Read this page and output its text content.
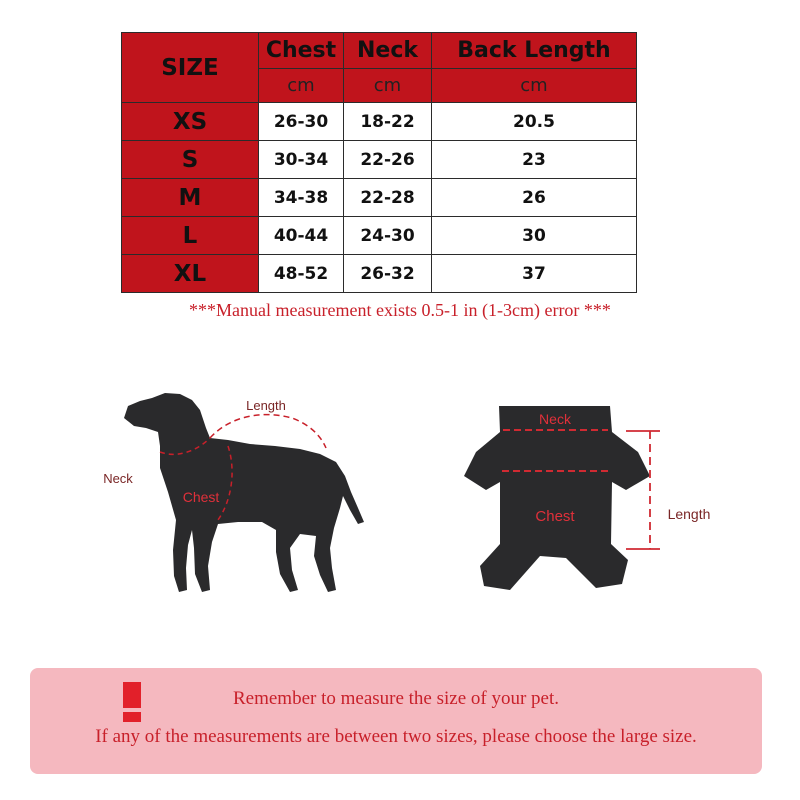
SIZE	Chest	Neck	Back Length
	cm	cm	cm
XS	26-30	18-22	20.5
S	30-34	22-26	23
M	34-38	22-28	26
L	40-44	24-30	30
XL	48-52	26-32	37
***Manual measurement exists 0.5-1 in (1-3cm) error ***
Length
Neck
Chest
Neck
Chest	Length
Remember to measure the size of your pet.
If any of the measurements are between two sizes, please choose the large size.
